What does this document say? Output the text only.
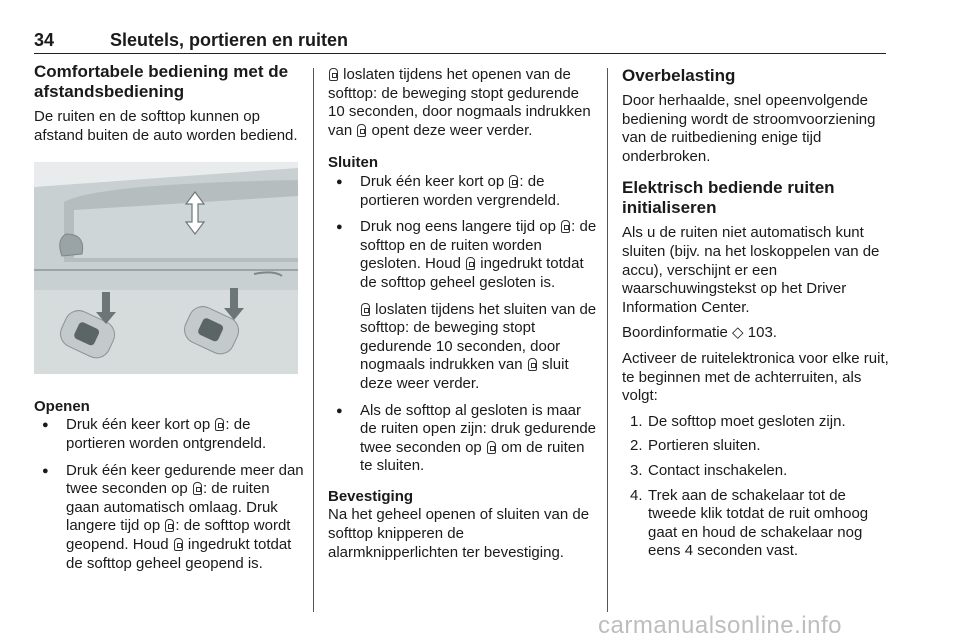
34	Sleutels, portieren en ruiten
Comfortabele bediening met de afstandsbediening

De ruiten en de softtop kunnen op afstand buiten de auto worden bediend.

Openen
● Druk één keer kort op : de portieren worden ontgrendeld.
● Druk één keer gedurende meer dan twee seconden op : de ruiten gaan automatisch omlaag. Druk langere tijd op : de softtop wordt geopend. Houd  ingedrukt totdat de softtop geheel geopend is.

loslaten tijdens het openen van de softtop: de beweging stopt gedurende 10 seconden, door nogmaals indrukken van  opent deze weer verder.

Sluiten
● Druk één keer kort op : de portieren worden vergrendeld.
● Druk nog eens langere tijd op : de softtop en de ruiten worden gesloten. Houd  ingedrukt totdat de softtop geheel gesloten is.
loslaten tijdens het sluiten van de softtop: de beweging stopt gedurende 10 seconden, door nogmaals indrukken van  sluit deze weer verder.
● Als de softtop al gesloten is maar de ruiten open zijn: druk gedurende twee seconden op  om de ruiten te sluiten.
Bevestiging

Na het geheel openen of sluiten van de softtop knipperen de alarmknipperlichten ter bevestiging.

Overbelasting

Door herhaalde, snel opeenvolgende bediening wordt de stroomvoorziening van de ruitbediening enige tijd onderbroken.

Elektrisch bediende ruiten initialiseren

Als u de ruiten niet automatisch kunt sluiten (bijv. na het loskoppelen van de accu), verschijnt er een waarschuwingstekst op het Driver Information Center.

Boordinformatie ◇ 103.

Activeer de ruitelektronica voor elke ruit, te beginnen met de achterruiten, als volgt:

1. De softtop moet gesloten zijn.
2. Portieren sluiten.
3. Contact inschakelen.
4. Trek aan de schakelaar tot de tweede klik totdat de ruit omhoog gaat en houd de schakelaar nog eens 4 seconden vast.
carmanualsonline.info
